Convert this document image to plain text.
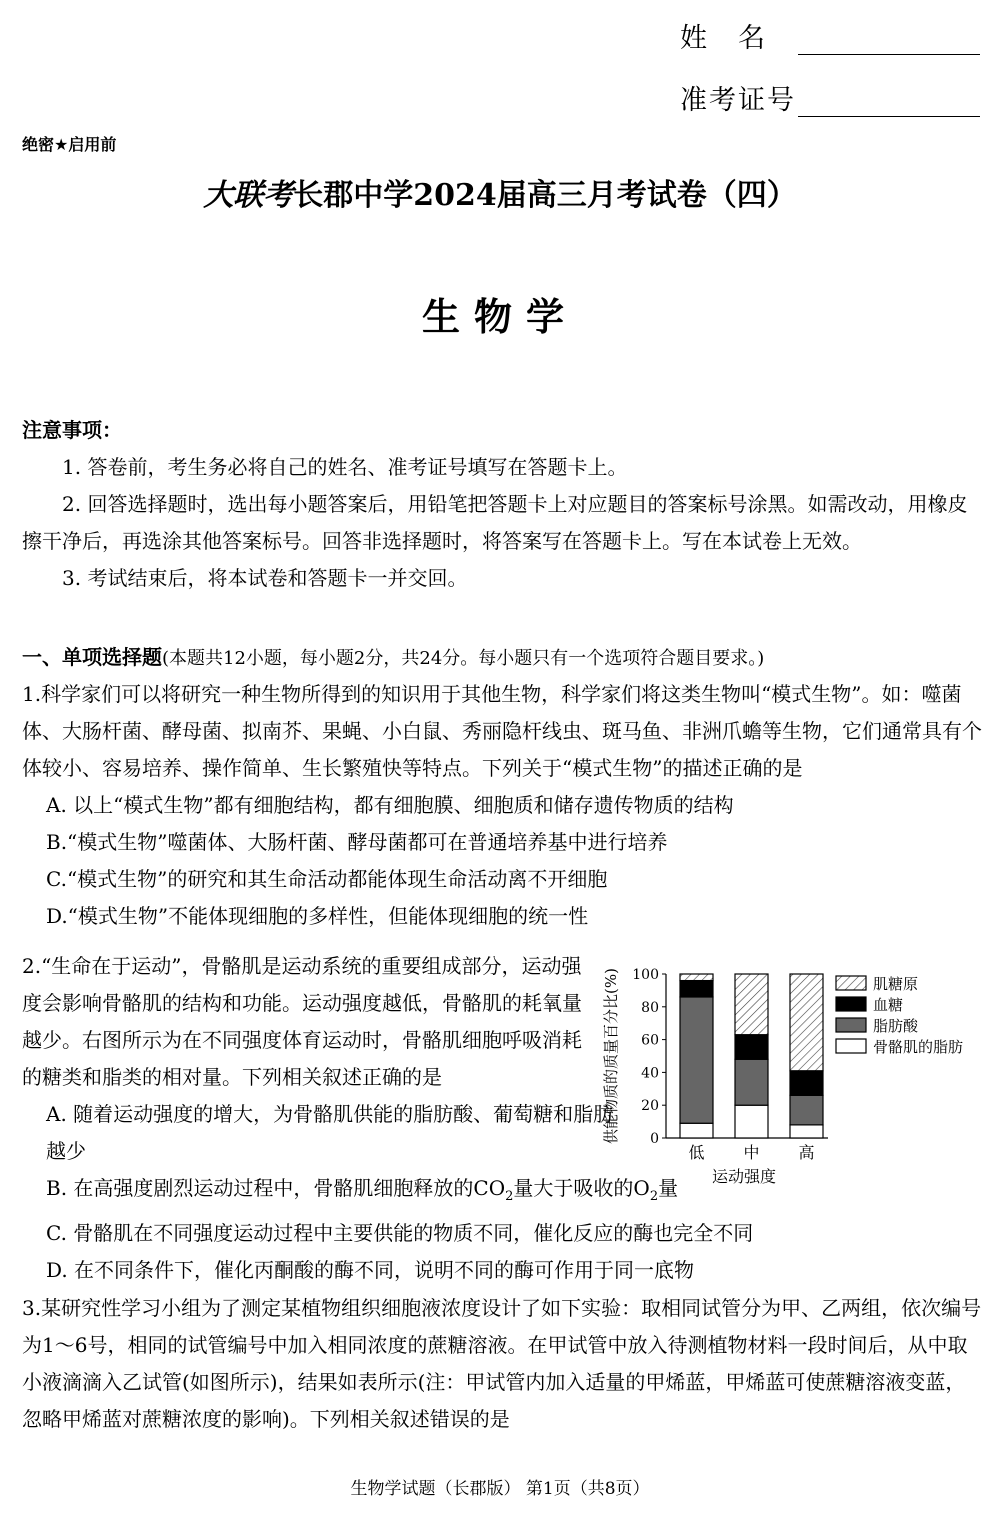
姓　名
准考证号
绝密★启用前
大联考长郡中学2024届高三月考试卷（四）
生物学
注意事项：
1. 答卷前，考生务必将自己的姓名、准考证号填写在答题卡上。
2. 回答选择题时，选出每小题答案后，用铅笔把答题卡上对应题目的答案标号涂黑。如需改动，用橡皮擦干净后，再选涂其他答案标号。回答非选择题时，将答案写在答题卡上。写在本试卷上无效。
3. 考试结束后，将本试卷和答题卡一并交回。
一、单项选择题(本题共12小题，每小题2分，共24分。每小题只有一个选项符合题目要求。)
1.科学家们可以将研究一种生物所得到的知识用于其他生物，科学家们将这类生物叫“模式生物”。如：噬菌体、大肠杆菌、酵母菌、拟南芥、果蝇、小白鼠、秀丽隐杆线虫、斑马鱼、非洲爪蟾等生物，它们通常具有个体较小、容易培养、操作简单、生长繁殖快等特点。下列关于“模式生物”的描述正确的是
A. 以上“模式生物”都有细胞结构，都有细胞膜、细胞质和储存遗传物质的结构
B.“模式生物”噬菌体、大肠杆菌、酵母菌都可在普通培养基中进行培养
C.“模式生物”的研究和其生命活动都能体现生命活动离不开细胞
D.“模式生物”不能体现细胞的多样性，但能体现细胞的统一性
2.“生命在于运动”，骨骼肌是运动系统的重要组成部分，运动强度会影响骨骼肌的结构和功能。运动强度越低，骨骼肌的耗氧量越少。右图所示为在不同强度体育运动时，骨骼肌细胞呼吸消耗的糖类和脂类的相对量。下列相关叙述正确的是
A. 随着运动强度的增大，为骨骼肌供能的脂肪酸、葡萄糖和脂肪越少
B. 在高强度剧烈运动过程中，骨骼肌细胞释放的$CO_2$量大于吸收的$O_2$量
C. 骨骼肌在不同强度运动过程中主要供能的物质不同，催化反应的酶也完全不同
D. 在不同条件下，催化丙酮酸的酶不同，说明不同的酶可作用于同一底物
供能物质的质量百分比(%) 0
20
40
60
80
100
低 中 高
运动强度
肌糖原
血糖
脂肪酸
骨骼肌的脂肪
3.某研究性学习小组为了测定某植物组织细胞液浓度设计了如下实验：取相同试管分为甲、乙两组，依次编号为1～6号，相同的试管编号中加入相同浓度的蔗糖溶液。在甲试管中放入待测植物材料一段时间后，从中取小液滴滴入乙试管(如图所示)，结果如表所示(注：甲试管内加入适量的甲烯蓝，甲烯蓝可使蔗糖溶液变蓝，忽略甲烯蓝对蔗糖浓度的影响)。下列相关叙述错误的是
生物学试题（长郡版） 第1页（共8页）
